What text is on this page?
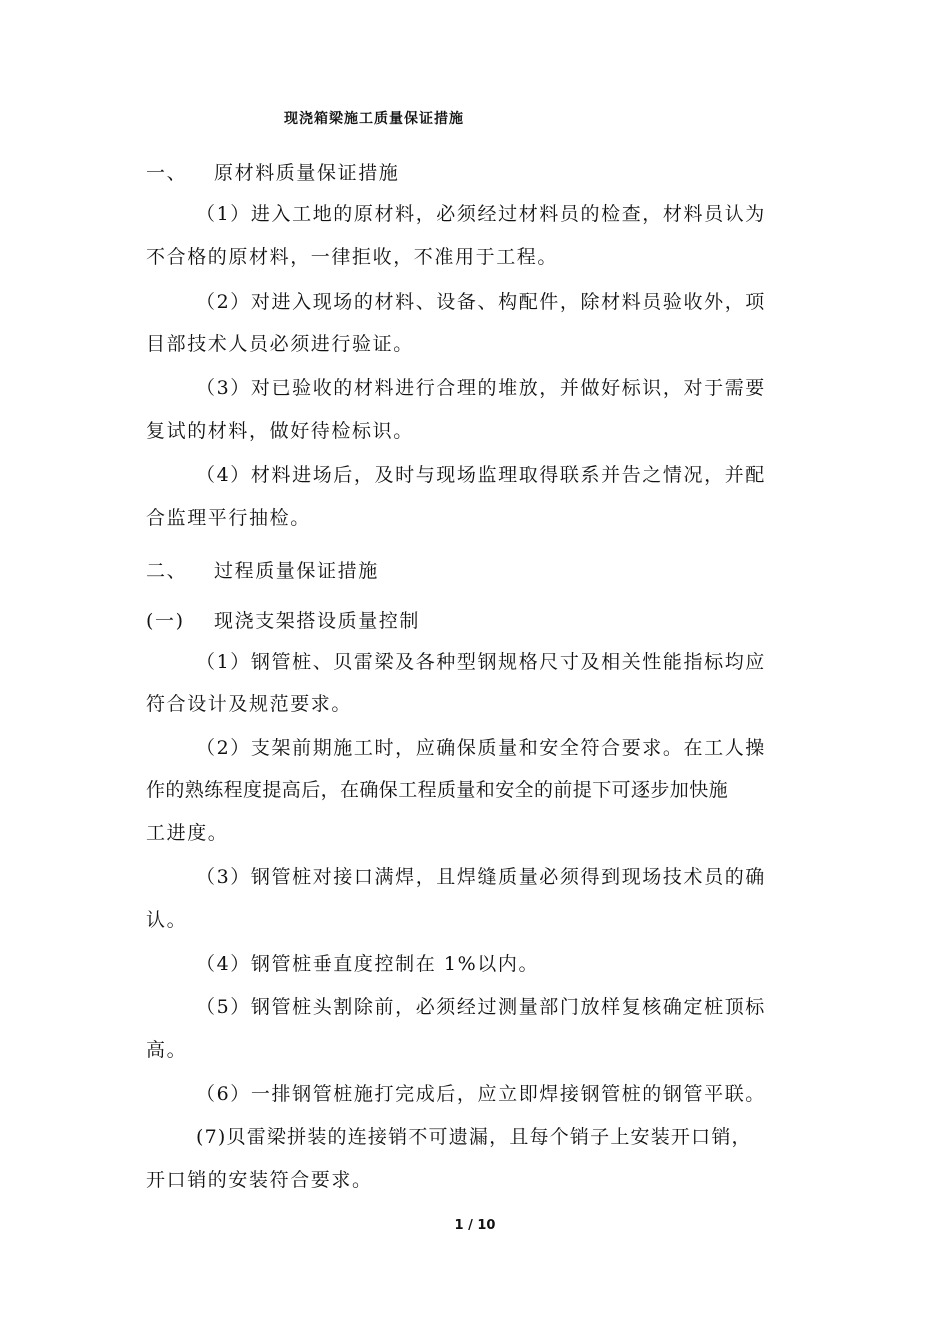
现浇箱梁施工质量保证措施
一、 原材料质量保证措施
（1）进入工地的原材料，必须经过材料员的检查，材料员认为
不合格的原材料，一律拒收，不准用于工程。
（2）对进入现场的材料、设备、构配件，除材料员验收外，项
目部技术人员必须进行验证。
（3）对已验收的材料进行合理的堆放，并做好标识，对于需要
复试的材料，做好待检标识。
（4）材料进场后，及时与现场监理取得联系并告之情况，并配
合监理平行抽检。
二、 过程质量保证措施
(一) 现浇支架搭设质量控制
（1）钢管桩、贝雷梁及各种型钢规格尺寸及相关性能指标均应
符合设计及规范要求。
（2）支架前期施工时，应确保质量和安全符合要求。在工人操
作的熟练程度提高后，在确保工程质量和安全的前提下可逐步加快施
工进度。
（3）钢管桩对接口满焊，且焊缝质量必须得到现场技术员的确
认。
（4）钢管桩垂直度控制在 1%以内。
（5）钢管桩头割除前，必须经过测量部门放样复核确定桩顶标
高。
（6）一排钢管桩施打完成后，应立即焊接钢管桩的钢管平联。
(7)贝雷梁拼装的连接销不可遗漏，且每个销子上安装开口销，
开口销的安装符合要求。
1 / 10
